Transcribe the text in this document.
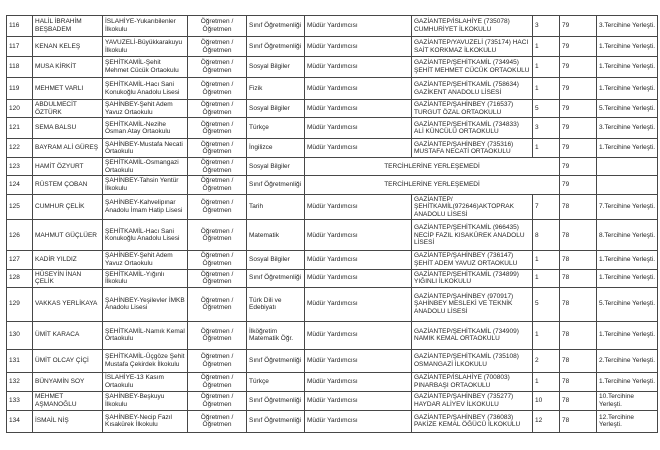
116	HALİL İBRAHİM BEŞBADEM	İSLAHİYE-Yukarıbilenler İlkokulu	Öğretmen / Öğretmen	Sınıf Öğretmenliği	Müdür Yardımcısı	GAZİANTEP/İSLAHİYE (735078) CUMHURİYET İLKOKULU	3	79	3.Tercihine Yerleşti.
117	KENAN KELEŞ	YAVUZELİ-Büyükkarakuyu İlkokulu	Öğretmen / Öğretmen	Sınıf Öğretmenliği	Müdür Yardımcısı	GAZİANTEP/YAVUZELİ (735174) HACI SAİT KORKMAZ İLKOKULU	1	79	1.Tercihine Yerleşti.
118	MUSA KİRKİT	ŞEHİTKAMİL-Şehit Mehmet Cücük Ortaokulu	Öğretmen / Öğretmen	Sosyal Bilgiler	Müdür Yardımcısı	GAZİANTEP/ŞEHİTKAMİL (734945) ŞEHİT MEHMET CÜCÜK ORTAOKULU	1	79	1.Tercihine Yerleşti.
119	MEHMET VARLI	ŞEHİTKAMİL-Hacı Sani Konukoğlu Anadolu Lisesi	Öğretmen / Öğretmen	Fizik	Müdür Yardımcısı	GAZİANTEP/ŞEHİTKAMİL (758634) GAZİKENT ANADOLU LİSESİ	1	79	1.Tercihine Yerleşti.
120	ABDULMECİT ÖZTÜRK	ŞAHİNBEY-Şehit Adem Yavuz Ortaokulu	Öğretmen / Öğretmen	Sosyal Bilgiler	Müdür Yardımcısı	GAZİANTEP/ŞAHİNBEY (716537) TURGUT ÖZAL ORTAOKULU	5	79	5.Tercihine Yerleşti.
121	SEMA BALSU	ŞEHİTKAMİL-Nezihe Osman Atay Ortaokulu	Öğretmen / Öğretmen	Türkçe	Müdür Yardımcısı	GAZİANTEP/ŞEHİTKAMİL (734833) ALİ KÜNCÜLÜ ORTAOKULU	3	79	3.Tercihine Yerleşti.
122	BAYRAM ALİ GÜREŞ	ŞAHİNBEY-Mustafa Necati Ortaokulu	Öğretmen / Öğretmen	İngilizce	Müdür Yardımcısı	GAZİANTEP/ŞAHİNBEY (735316) MUSTAFA NECATİ ORTAOKULU	1	79	1.Tercihine Yerleşti.
123	HAMİT ÖZYURT	ŞEHİTKAMİL-Osmangazi Ortaokulu	Öğretmen / Öğretmen	Sosyal Bilgiler	TERCİHLERİNE YERLEŞEMEDİ			79	
124	RÜSTEM ÇOBAN	ŞAHİNBEY-Tahsin Yentür İlkokulu	Öğretmen / Öğretmen	Sınıf Öğretmenliği	TERCİHLERİNE YERLEŞEMEDİ			79	
125	CUMHUR ÇELİK	ŞAHİNBEY-Kahvelipınar Anadolu İmam Hatip Lisesi	Öğretmen / Öğretmen	Tarih	Müdür Yardımcısı	GAZİANTEP/ŞEHİTKAMİL(972646)AKTOPRAK ANADOLU LİSESİ	7	78	7.Tercihine Yerleşti.
126	MAHMUT GÜÇLÜER	ŞEHİTKAMİL-Hacı Sani Konukoğlu Anadolu Lisesi	Öğretmen / Öğretmen	Matematik	Müdür Yardımcısı	GAZİANTEP/ŞEHİTKAMİL (966435) NECİP FAZIL KISAKÜREK ANADOLU LİSESİ	8	78	8.Tercihine Yerleşti.
127	KADİR YILDIZ	ŞAHİNBEY-Şehit Adem Yavuz Ortaokulu	Öğretmen / Öğretmen	Sosyal Bilgiler	Müdür Yardımcısı	GAZİANTEP/ŞAHİNBEY (736147) ŞEHİT ADEM YAVUZ ORTAOKULU	1	78	1.Tercihine Yerleşti.
128	HÜSEYİN İNAN ÇELİK	ŞEHİTKAMİL-Yığınlı İlkokulu	Öğretmen / Öğretmen	Sınıf Öğretmenliği	Müdür Yardımcısı	GAZİANTEP/ŞEHİTKAMİL (734899) YIĞINLI İLKOKULU	1	78	1.Tercihine Yerleşti.
129	VAKKAS YERLİKAYA	ŞAHİNBEY-Yeşilevler İMKB Anadolu Lisesi	Öğretmen / Öğretmen	Türk Dili ve Edebiyatı	Müdür Yardımcısı	GAZİANTEP/ŞAHİNBEY (970917) ŞAHİNBEY MESLEKİ VE TEKNİK ANADOLU LİSESİ	5	78	5.Tercihine Yerleşti.
130	ÜMİT KARACA	ŞEHİTKAMİL-Namık Kemal Ortaokulu	Öğretmen / Öğretmen	İlköğretim Matematik Öğr.	Müdür Yardımcısı	GAZİANTEP/ŞEHİTKAMİL (734909) NAMIK KEMAL ORTAOKULU	1	78	1.Tercihine Yerleşti.
131	ÜMİT OLCAY ÇİÇİ	ŞEHİTKAMİL-Üçgöze Şehit Mustafa Çekirdek İlkokulu	Öğretmen / Öğretmen	Sınıf Öğretmenliği	Müdür Yardımcısı	GAZİANTEP/ŞEHİTKAMİL (735108) OSMANGAZİ İLKOKULU	2	78	2.Tercihine Yerleşti.
132	BÜNYAMİN SOY	İSLAHİYE-13 Kasım Ortaokulu	Öğretmen / Öğretmen	Türkçe	Müdür Yardımcısı	GAZİANTEP/İSLAHİYE (700803) PINARBAŞI ORTAOKULU	1	78	1.Tercihine Yerleşti.
133	MEHMET AŞMANOĞLU	ŞAHİNBEY-Beşkuyu İlkokulu	Öğretmen / Öğretmen	Sınıf Öğretmenliği	Müdür Yardımcısı	GAZİANTEP/ŞAHİNBEY (735277) HAYDAR ALİYEV İLKOKULU	10	78	10.Tercihine Yerleşti.
134	İSMAİL NİŞ	ŞAHİNBEY-Necip Fazıl Kısakürek İlkokulu	Öğretmen / Öğretmen	Sınıf Öğretmenliği	Müdür Yardımcısı	GAZİANTEP/ŞAHİNBEY (736083) PAKİZE KEMAL ÖĞÜCÜ İLKOKULU	12	78	12.Tercihine Yerleşti.
